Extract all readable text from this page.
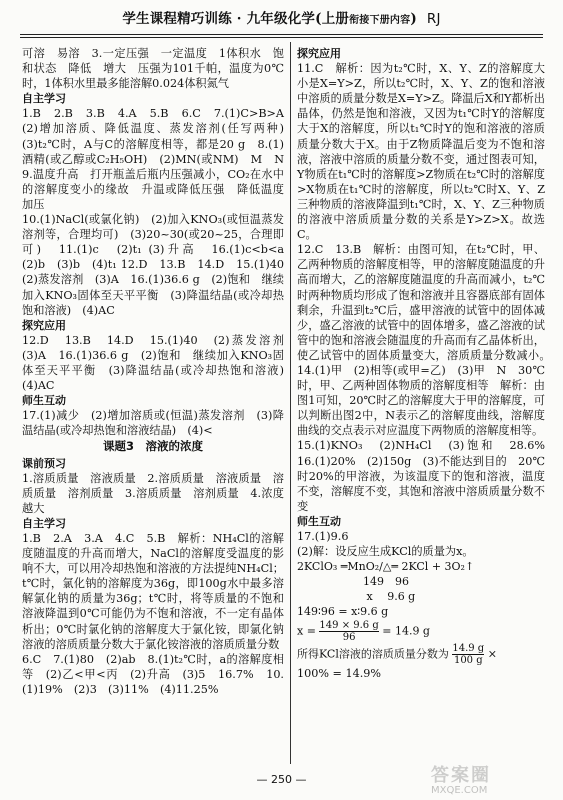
学生课程精巧训练 · 九年级化学(上册衔接下册内容) RJ

可溶　易溶　3.一定压强　一定温度　1体积水　饱和状态　降低　增大　压强为101千帕，温度为0℃时，1体积水里最多能溶解0.024体积氮气

自主学习

1.B　2.B　3.B　4.A　5.B　6.C　7.(1)C>B>A　(2)增加溶质、降低温度、蒸发溶剂(任写两种)　(3)t₂℃时，A与C的溶解度相等，都是20 g　8.(1)酒精(或乙醇或C₂H₅OH)　(2)MN(或NM)　M　N　9.温度升高　打开瓶盖后瓶内压强减小，CO₂在水中的溶解度变小的缘故　升温或降低压强　降低温度　加压

10.(1)NaCl(或氯化钠)　(2)加入KNO₃(或恒温蒸发溶剂等，合理均可)　(3)20~30(或20~25，合理即可)　11.(1)c　(2)t₁ (3)升高　16.(1)c<b<a　(2)b　(3)b　(4)t₁ 12.D　13.B　14.D　15.(1)40　(2)蒸发溶剂　(3)A　16.(1)36.6 g　(2)饱和　继续加入KNO₃固体至天平平衡　(3)降温结晶(或冷却热饱和溶液)　(4)AC

探究应用

12.D　13.B　14.D　15.(1)40　(2)蒸发溶剂　(3)A　16.(1)36.6 g　(2)饱和　继续加入KNO₃固体至天平平衡　(3)降温结晶(或冷却热饱和溶液)　(4)AC

师生互动

17.(1)减少　(2)增加溶质或(恒温)蒸发溶剂　(3)降温结晶(或冷却热饱和溶液结晶)　(4)<

课题3　溶液的浓度
课前预习

1.溶质质量　溶液质量　2.溶质质量　溶液质量　溶质质量　溶剂质量　3.溶质质量　溶剂质量　4.浓度　越大

自主学习

1.B　2.A　3.A　4.C　5.B　解析：NH₄Cl的溶解度随温度的升高而增大，NaCl的溶解度受温度的影响不大，可以用冷却热饱和溶液的方法提纯NH₄Cl；t℃时，氯化钠的溶解度为36g，即100g水中最多溶解氯化钠的质量为36g；t℃时，将等质量的不饱和溶液降温到0℃可能仍为不饱和溶液，不一定有晶体析出；0℃时氯化钠的溶解度大于氯化铵，即氯化钠溶液的溶质质量分数大于氯化铵溶液的溶质质量分数

6.C　7.(1)80　(2)ab　8.(1)t₂℃时，a的溶解度相等　(2)乙<甲<丙　(2)升高　(3)5　16.7%　10.(1)19%　(2)3　(3)11%　(4)11.25%

探究应用

11.C　解析：因为t₂℃时，X、Y、Z的溶解度大小是X=Y>Z，所以t₂℃时，X、Y、Z的饱和溶液中溶质的质量分数是X=Y>Z。降温后X和Y都析出晶体，仍然是饱和溶液，又因为t₁℃时Y的溶解度大于X的溶解度，所以t₁℃时Y的饱和溶液的溶质质量分数大于X。由于Z物质降温后变为不饱和溶液，溶液中溶质的质量分数不变，通过图表可知，Y物质在t₁℃时的溶解度>Z物质在t₂℃时的溶解度>X物质在t₁℃时的溶解度，所以t₂℃时X、Y、Z三种物质的溶液降温到t₁℃时，X、Y、Z三种物质的溶液中溶质质量分数的关系是Y>Z>X。故选C。

12.C　13.B　解析：由图可知，在t₂℃时，甲、乙两种物质的溶解度相等，甲的溶解度随温度的升高而增大，乙的溶解度随温度的升高而减小，t₂℃时两种物质均形成了饱和溶液并且容器底部有固体剩余，升温到t₂℃后，盛甲溶液的试管中的固体减少，盛乙溶液的试管中的固体增多，盛乙溶液的试管中的饱和溶液会随温度的升高而有乙晶体析出，使乙试管中的固体质量变大，溶质质量分数减小。　14.(1)甲　(2)相等(或甲=乙)　(3)甲　N　30℃时，甲、乙两种固体物质的溶解度相等　解析：由图1可知，20℃时乙的溶解度大于甲的溶解度，可以判断出图2中，N表示乙的溶解度曲线，溶解度曲线的交点表示对应温度下两物质的溶解度相等。

15.(1)KNO₃　(2)NH₄Cl　(3)饱和　28.6%　16.(1)20%　(2)150g　(3)不能达到目的　20℃时20%的甲溶液，为该温度下的饱和溶液，温度不变，溶解度不变，其饱和溶液中溶质质量分数不变

师生互动

17.(1)9.6

(2)解：设反应生成KCl的质量为x。

2KClO₃ ═MnO₂/△═ 2KCl + 3O₂↑
　　　　　　149　96
　　　　　　 x　 9.6 g
149∶96 = x∶9.6 g

$x = \frac{149 \times 9.6 g}{96} = 14.9$ g

所得KCl溶液的溶质质量分数为 $\frac{14.9 g}{100 g}$ ×

100% = 14.9%

— 250 —	答案圈
MXQE.COM
